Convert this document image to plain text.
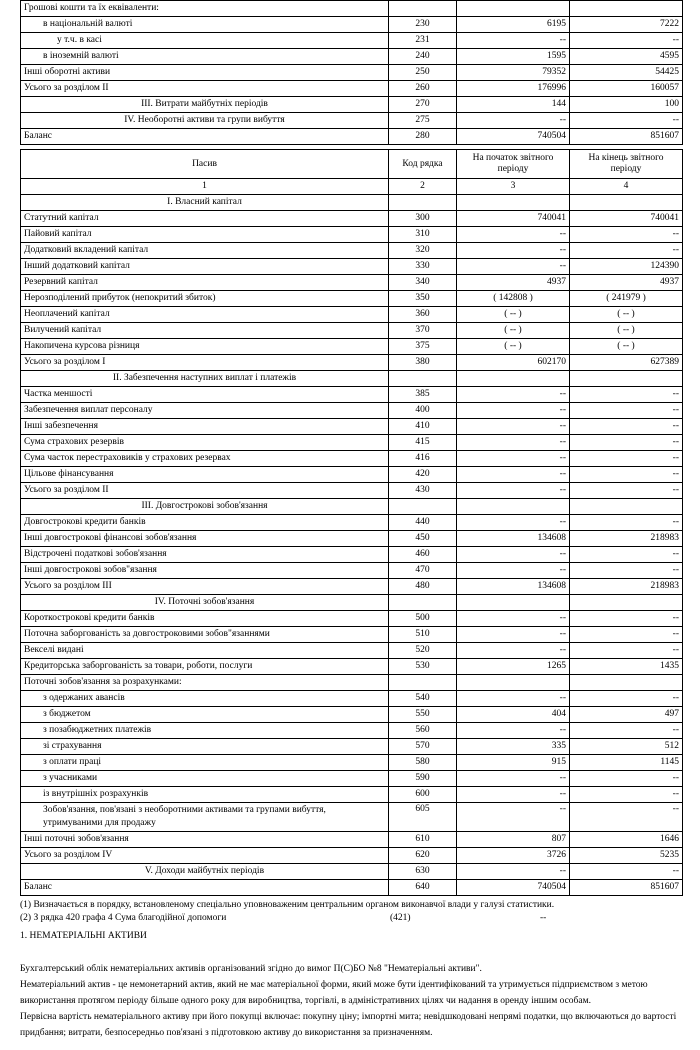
Грошові кошти та їх еквіваленти:			
в національній валюті	230	6195	7222
у т.ч. в касі	231	--	--
в іноземній валюті	240	1595	4595
Інші оборотні активи	250	79352	54425
Усього за розділом II	260	176996	160057
III. Витрати майбутніх періодів	270	144	100
IV. Необоротні активи та групи вибуття	275	--	--
Баланс	280	740504	851607
Пасив	Код рядка	На початок звітного періоду	На кінець звітного періоду
1	2	3	4
I. Власний капітал			
Статутний капітал	300	740041	740041
Пайовий капітал	310	--	--
Додатковий вкладений капітал	320	--	--
Інший додатковий капітал	330	--	124390
Резервний капітал	340	4937	4937
Нерозподілений прибуток (непокритий збиток)	350	( 142808 )	( 241979 )
Неоплачений капітал	360	( -- )	( -- )
Вилучений капітал	370	( -- )	( -- )
Накопичена курсова різниця	375	( -- )	( -- )
Усього за розділом I	380	602170	627389
II. Забезпечення наступних виплат і платежів			
Частка меншості	385	--	--
Забезпечення виплат персоналу	400	--	--
Інші забезпечення	410	--	--
Сума страхових резервів	415	--	--
Сума часток перестраховиків у страхових резервах	416	--	--
Цільове фінансування	420	--	--
Усього за розділом II	430	--	--
III. Довгострокові зобов'язання			
Довгострокові кредити банків	440	--	--
Інші довгострокові фінансові зобов'язання	450	134608	218983
Відстрочені податкові зобов'язання	460	--	--
Інші довгострокові зобов"язання	470	--	--
Усього за розділом III	480	134608	218983
IV. Поточні зобов'язання			
Короткострокові кредити банків	500	--	--
Поточна заборгованість за довгостроковими зобов"язаннями	510	--	--
Векселі видані	520	--	--
Кредиторська заборгованість за товари, роботи, послуги	530	1265	1435
Поточні зобов'язання за розрахунками:			
з одержаних авансів	540	--	--
з бюджетом	550	404	497
з позабюджетних платежів	560	--	--
зі страхування	570	335	512
з оплати праці	580	915	1145
з учасниками	590	--	--
із внутрішніх розрахунків	600	--	--
Зобов'язання, пов'язані з необоротними активами та групами вибуття, утримуваними для продажу	605	--	--
Інші поточні зобов'язання	610	807	1646
Усього за розділом IV	620	3726	5235
V. Доходи майбутніх періодів	630	--	--
Баланс	640	740504	851607
(1) Визначається в порядку, встановленому спеціально уповноваженим центральним органом виконавчої влади у галузі статистики.
(2) З рядка 420 графа 4 Сума благодійної допомоги	(421)	--
1. НЕМАТЕРІАЛЬНІ АКТИВИ

Бухгалтерський облік нематеріальних активів організований згідно до вимог П(С)БО №8 "Нематеріальні активи".

Нематеріальний актив - це немонетарний актив, який не має матеріальної форми, який може бути ідентифікований та утримується підприємством з метою використання протягом періоду більше одного року для виробництва, торгівлі, в адміністративних цілях чи надання в оренду іншим особам.

Первісна вартість нематеріального активу при його покупці включає: покупну ціну; імпортні мита; невідшкодовані непрямі податки, що включаються до вартості придбання; витрати, безпосередньо пов'язані з підготовкою активу до використання за призначенням.
